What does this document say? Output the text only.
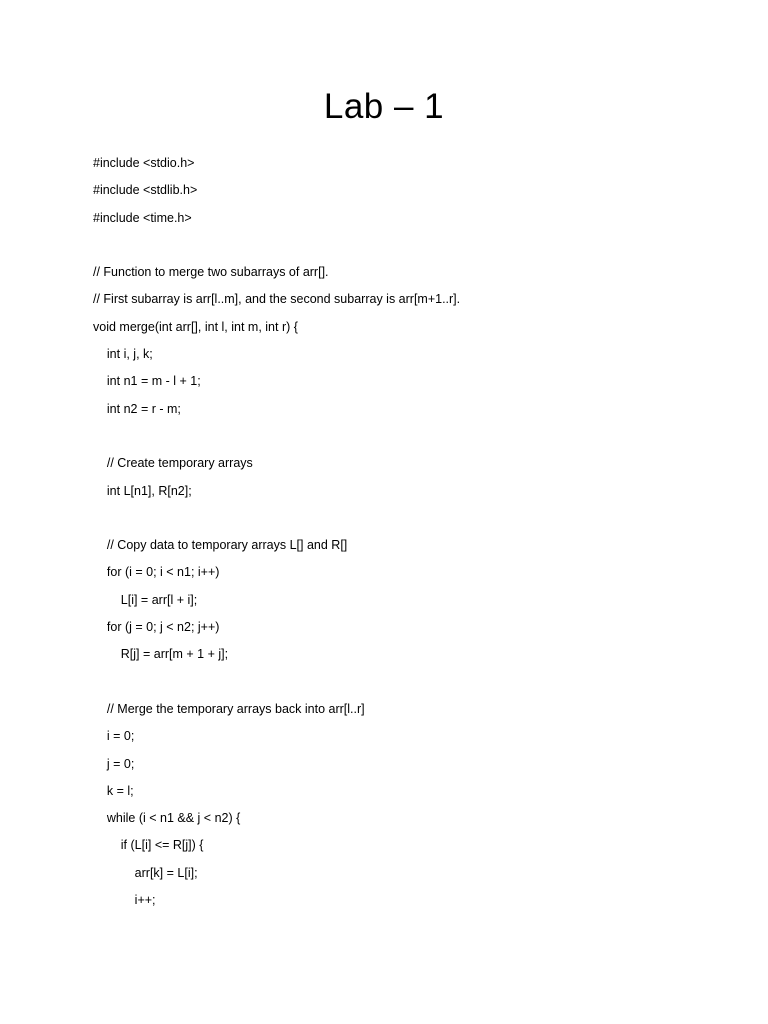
Lab – 1
#include <stdio.h>
#include <stdlib.h>
#include <time.h>
// Function to merge two subarrays of arr[].
// First subarray is arr[l..m], and the second subarray is arr[m+1..r].
void merge(int arr[], int l, int m, int r) {
int i, j, k;
int n1 = m - l + 1;
int n2 = r - m;
// Create temporary arrays
int L[n1], R[n2];
// Copy data to temporary arrays L[] and R[]
for (i = 0; i < n1; i++)
L[i] = arr[l + i];
for (j = 0; j < n2; j++)
R[j] = arr[m + 1 + j];
// Merge the temporary arrays back into arr[l..r]
i = 0;
j = 0;
k = l;
while (i < n1 && j < n2) {
if (L[i] <= R[j]) {
arr[k] = L[i];
i++;
